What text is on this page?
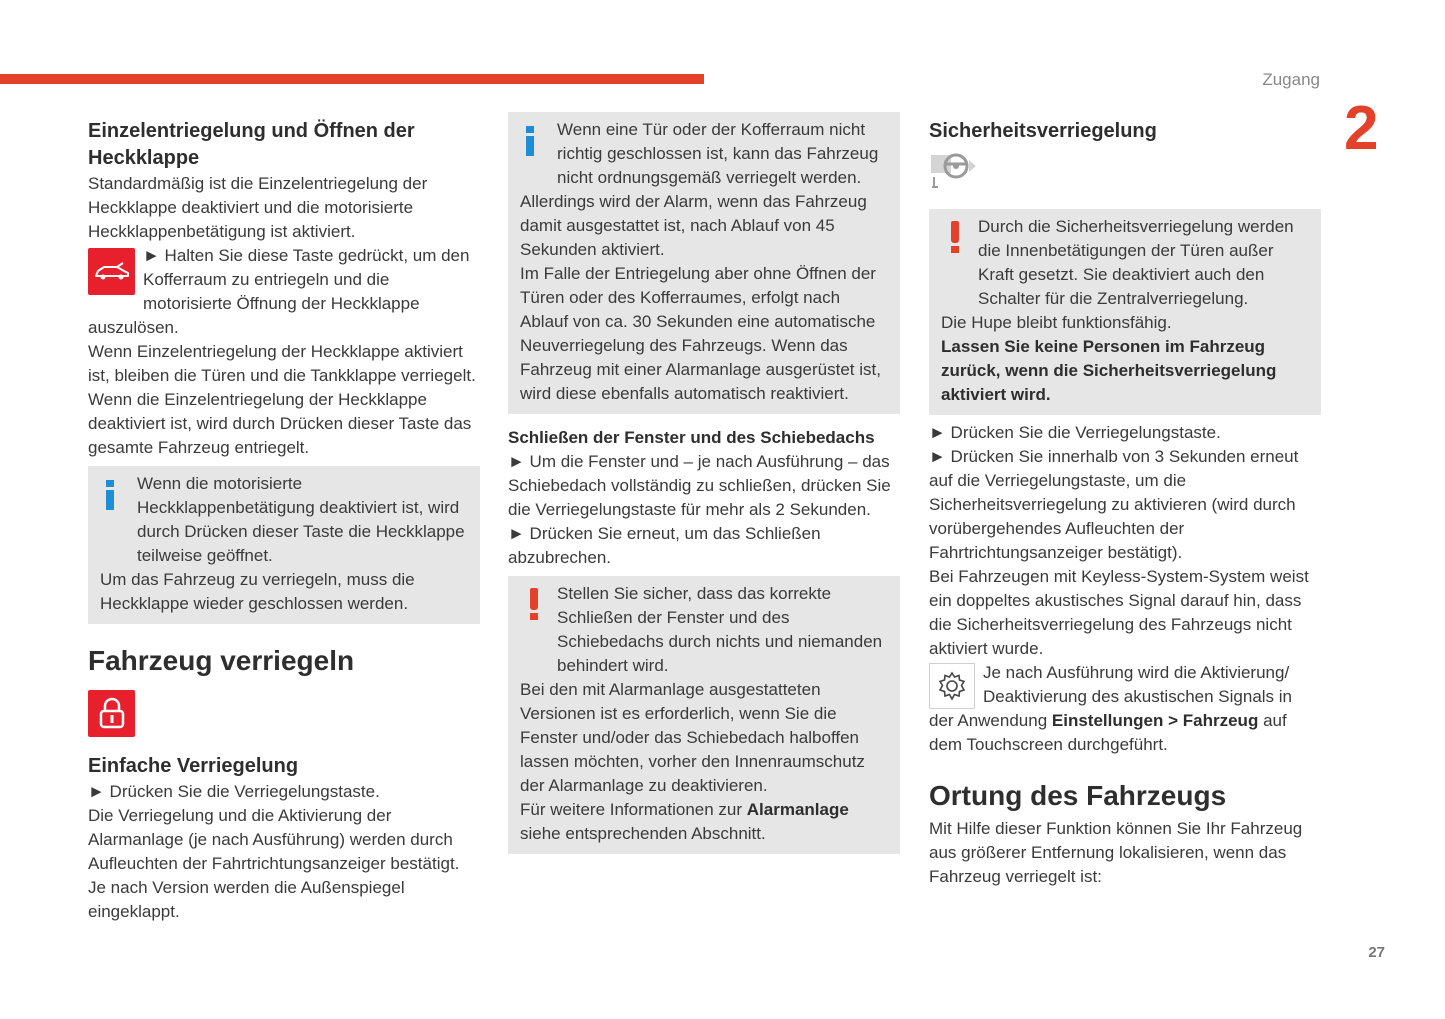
Zugang
2
27
Einzelentriegelung und Öffnen der Heckklappe

Standardmäßig ist die Einzelentriegelung der Heckklappe deaktiviert und die motorisierte Heckklappenbetätigung ist aktiviert.

► Halten Sie diese Taste gedrückt, um den Kofferraum zu entriegeln und die motorisierte Öffnung der Heckklappe auszulösen.

Wenn Einzelentriegelung der Heckklappe aktiviert ist, bleiben die Türen und die Tankklappe verriegelt.

Wenn die Einzelentriegelung der Heckklappe deaktiviert ist, wird durch Drücken dieser Taste das gesamte Fahrzeug entriegelt.

Wenn die motorisierte Heckklappenbetätigung deaktiviert ist, wird durch Drücken dieser Taste die Heckklappe teilweise geöffnet.

Um das Fahrzeug zu verriegeln, muss die Heckklappe wieder geschlossen werden.

Fahrzeug verriegeln
Einfache Verriegelung

► Drücken Sie die Verriegelungstaste.

Die Verriegelung und die Aktivierung der Alarmanlage (je nach Ausführung) werden durch Aufleuchten der Fahrtrichtungsanzeiger bestätigt.

Je nach Version werden die Außenspiegel eingeklappt.

Wenn eine Tür oder der Kofferraum nicht richtig geschlossen ist, kann das Fahrzeug nicht ordnungsgemäß verriegelt werden.

Allerdings wird der Alarm, wenn das Fahrzeug damit ausgestattet ist, nach Ablauf von 45 Sekunden aktiviert.

Im Falle der Entriegelung aber ohne Öffnen der Türen oder des Kofferraumes, erfolgt nach Ablauf von ca. 30 Sekunden eine automatische Neuverriegelung des Fahrzeugs. Wenn das Fahrzeug mit einer Alarmanlage ausgerüstet ist, wird diese ebenfalls automatisch reaktiviert.

Schließen der Fenster und des Schiebedachs

► Um die Fenster und – je nach Ausführung – das Schiebedach vollständig zu schließen, drücken Sie die Verriegelungstaste für mehr als 2 Sekunden.

► Drücken Sie erneut, um das Schließen abzubrechen.

Stellen Sie sicher, dass das korrekte Schließen der Fenster und des Schiebedachs durch nichts und niemanden behindert wird.

Bei den mit Alarmanlage ausgestatteten Versionen ist es erforderlich, wenn Sie die Fenster und/oder das Schiebedach halboffen lassen möchten, vorher den Innenraumschutz der Alarmanlage zu deaktivieren.

Für weitere Informationen zur Alarmanlage siehe entsprechenden Abschnitt.

Sicherheitsverriegelung

Durch die Sicherheitsverriegelung werden die Innenbetätigungen der Türen außer Kraft gesetzt. Sie deaktiviert auch den Schalter für die Zentralverriegelung.

Die Hupe bleibt funktionsfähig.

Lassen Sie keine Personen im Fahrzeug zurück, wenn die Sicherheitsverriegelung aktiviert wird.

► Drücken Sie die Verriegelungstaste.

► Drücken Sie innerhalb von 3 Sekunden erneut auf die Verriegelungstaste, um die Sicherheitsverriegelung zu aktivieren (wird durch vorübergehendes Aufleuchten der Fahrtrichtungsanzeiger bestätigt).

Bei Fahrzeugen mit Keyless-System-System weist ein doppeltes akustisches Signal darauf hin, dass die Sicherheitsverriegelung des Fahrzeugs nicht aktiviert wurde.

Je nach Ausführung wird die Aktivierung/ Deaktivierung des akustischen Signals in der Anwendung Einstellungen > Fahrzeug auf dem Touchscreen durchgeführt.

Ortung des Fahrzeugs

Mit Hilfe dieser Funktion können Sie Ihr Fahrzeug aus größerer Entfernung lokalisieren, wenn das Fahrzeug verriegelt ist:
